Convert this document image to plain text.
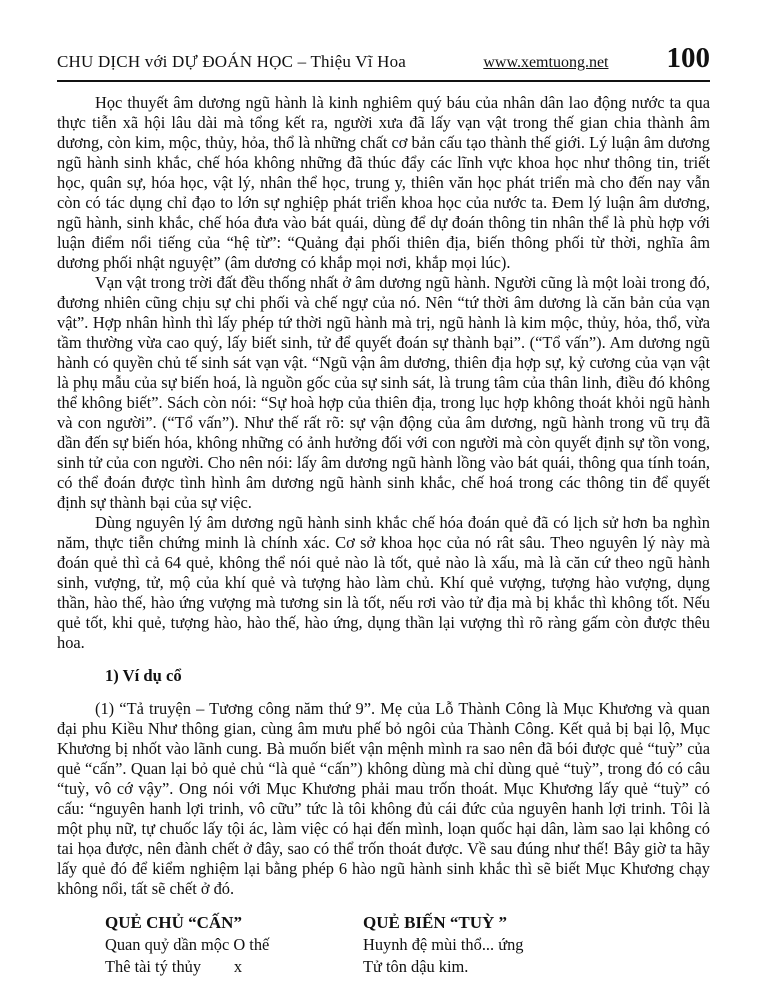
CHU DỊCH với DỰ ĐOÁN HỌC – Thiệu Vĩ Hoa	www.xemtuong.net 100

Học thuyết âm dương ngũ hành là kinh nghiêm quý báu của nhân dân lao động nước ta qua thực tiễn xã hội lâu dài mà tổng kết ra, người xưa đã lấy vạn vật trong thế gian chia thành âm dương, còn kim, mộc, thủy, hỏa, thổ là những chất cơ bản cấu tạo thành thế giới. Lý luận âm dương ngũ hành sinh khắc, chế hóa không những đã thúc đẩy các lĩnh vực khoa học như thông tin, triết học, quân sự, hóa học, vật lý, nhân thể học, trung y, thiên văn học phát triển mà cho đến nay vẫn còn có tác dụng chỉ đạo to lớn sự nghiệp phát triển khoa học của nước ta. Đem lý luận âm dương, ngũ hành, sinh khắc, chế hóa đưa vào bát quái, dùng để dự đoán thông tin nhân thể là phù hợp với luận điểm nổi tiếng của “hệ từ”: “Quảng đại phối thiên địa, biến thông phối từ thời, nghĩa âm dương phối nhật nguyệt” (âm dương có khắp mọi nơi, khắp mọi lúc).

Vạn vật trong trời đất đều thống nhất ở âm dương ngũ hành. Người cũng là một loài trong đó, đương nhiên cũng chịu sự chi phối và chế ngự của nó. Nên “tứ thời âm dương là căn bản của vạn vật”. Hợp nhân hình thì lấy phép tứ thời ngũ hành mà trị, ngũ hành là kim mộc, thủy, hỏa, thổ, vừa tầm thường vừa cao quý, lấy biết sinh, tử để quyết đoán sự thành bại”. (“Tổ vấn”). Am dương ngũ hành có quyền chủ tế sinh sát vạn vật. “Ngũ vận âm dương, thiên địa hợp sự, kỷ cương của vạn vật là phụ mẫu của sự biến hoá, là nguồn gốc của sự sinh sát, là trung tâm của thân linh, điều đó không thể không biết”. Sách còn nói: “Sự hoà hợp của thiên địa, trong lục hợp không thoát khỏi ngũ hành và con người”. (“Tổ vấn”). Như thế rất rõ: sự vận động của âm dương, ngũ hành trong vũ trụ đã dần đến sự biến hóa, không những có ảnh hưởng đối với con người mà còn quyết định sự tồn vong, sinh tử của con người. Cho nên nói: lấy âm dương ngũ hành lồng vào bát quái, thông qua tính toán, có thể đoán được tình hình âm dương ngũ hành sinh khắc, chế hoá trong các thông tin để quyết định sự thành bại của sự việc.

Dùng nguyên lý âm dương ngũ hành sinh khắc chế hóa đoán quẻ đã có lịch sử hơn ba nghìn năm, thực tiễn chứng minh là chính xác. Cơ sở khoa học của nó rât sâu. Theo nguyên lý này mà đoán quẻ thì cả 64 quẻ, không thể nói quẻ nào là tốt, quẻ nào là xấu, mà là căn cứ theo ngũ hành sinh, vượng, tử, mộ của khí quẻ và tượng hào làm chủ. Khí quẻ vượng, tượng hào vượng, dụng thần, hào thế, hào ứng vượng mà tương sin là tốt, nếu rơi vào tử địa mà bị khắc thì không tốt. Nếu quẻ tốt, khi quẻ, tượng hào, hào thế, hào ứng, dụng thần lại vượng thì rõ ràng gấm còn được thêu hoa.

1) Ví dụ cổ

(1) “Tả truyện – Tương công năm thứ 9”. Mẹ của Lỗ Thành Công là Mục Khương và quan đại phu Kiều Như thông gian, cùng âm mưu phế bỏ ngôi của Thành Công. Kết quả bị bại lộ, Mục Khương bị nhốt vào lãnh cung. Bà muốn biết vận mệnh mình ra sao nên đã bói được quẻ “tuỳ” của quẻ “cấn”. Quan lại bỏ quẻ chủ “là quẻ “cấn”) không dùng mà chỉ dùng quẻ “tuỳ”, trong đó có câu “tuỳ, vô cớ vậy”. Ong nói với Mục Khương phải mau trốn thoát. Mục Khương lấy quẻ “tuỳ” có cấu: “nguyên hanh lợi trinh, vô cữu” tức là tôi không đủ cái đức của nguyên hanh lợi trinh. Tôi là một phụ nữ, tự chuốc lấy tội ác, làm việc có hại đến mình, loạn quốc hại dân, làm sao lại không có tai họa được, nên đành chết ở đây, sao có thể trốn thoát được. Về sau đúng như thế! Bây giờ ta hãy lấy quẻ đó để kiểm nghiệm lại bằng phép 6 hào ngũ hành sinh khắc thì sẽ biết Mục Khương chạy không nổi, tất sẽ chết ở đó.

QUẺ CHỦ “CẤN”
Quan quỷ dần mộc O thế
Thê tài tý thủy        x
QUẺ BIẾN “TUỲ ”
Huynh đệ mùi thổ... ứng
Tử tôn dậu kim.
